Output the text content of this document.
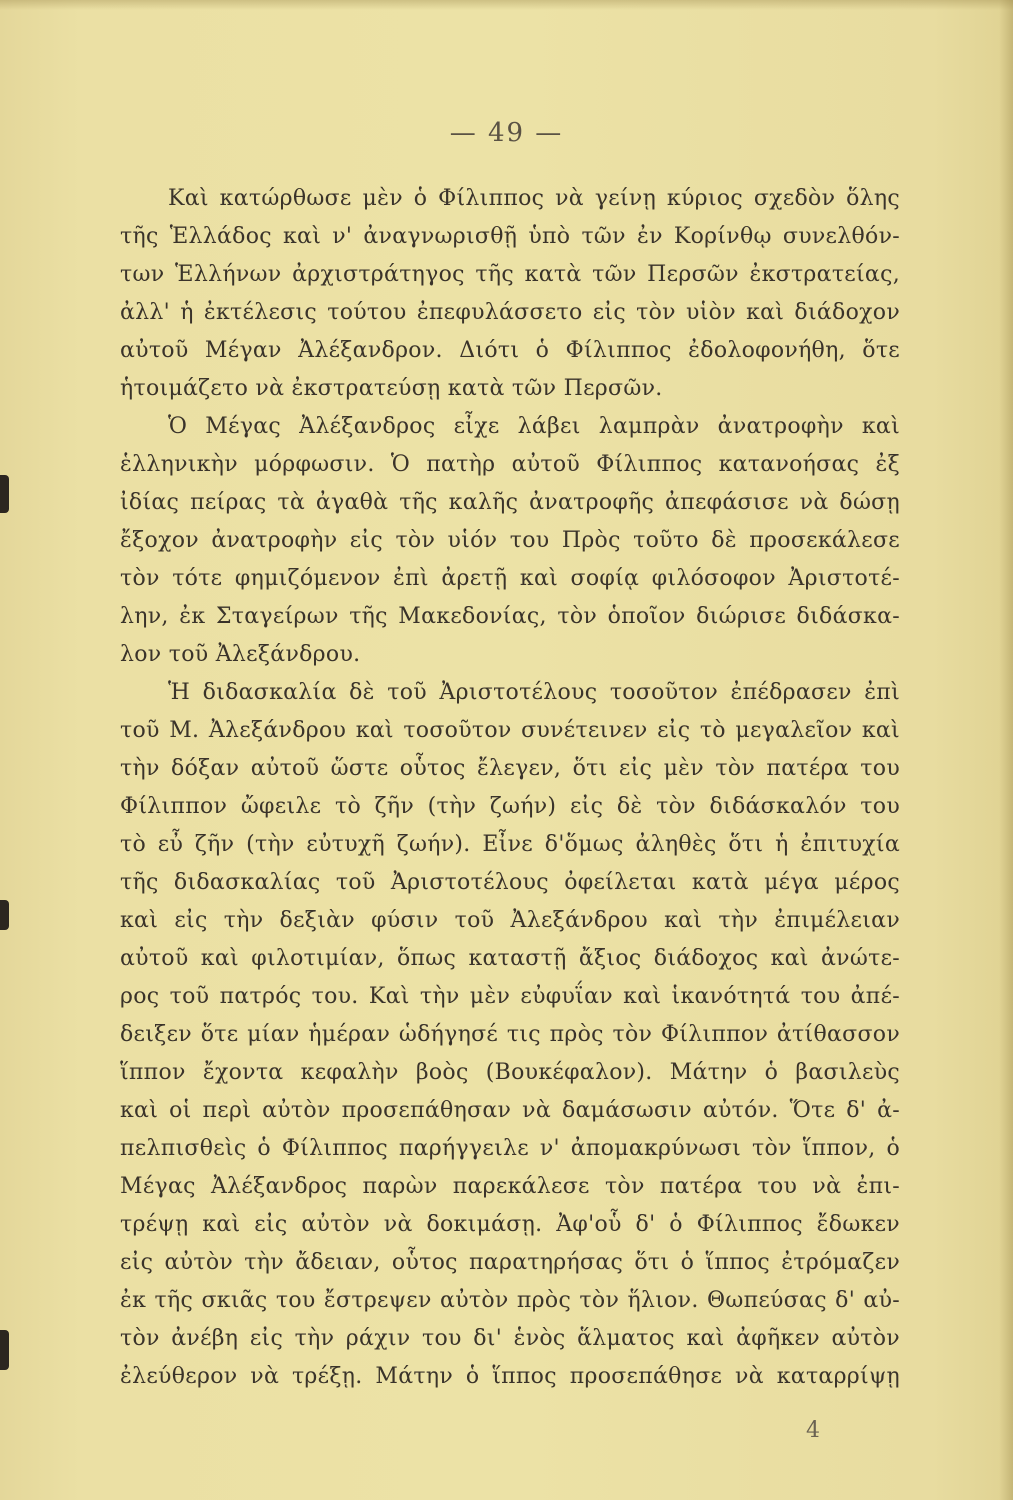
— 49 —
Καὶ κατώρθωσε μὲν ὁ Φίλιππος νὰ γείνῃ κύριος σχεδὸν ὅλης
τῆς Ἑλλάδος καὶ ν' ἀναγνωρισθῇ ὑπὸ τῶν ἐν Κορίνθῳ συνελθόν-
των Ἑλλήνων ἀρχιστράτηγος τῆς κατὰ τῶν Περσῶν ἐκστρατείας,
ἀλλ' ἡ ἐκτέλεσις τούτου ἐπεφυλάσσετο εἰς τὸν υἱὸν καὶ διάδοχον
αὐτοῦ Μέγαν Ἀλέξανδρον. Διότι ὁ Φίλιππος ἐδολοφονήθη, ὅτε
ἡτοιμάζετο νὰ ἐκστρατεύσῃ κατὰ τῶν Περσῶν.
Ὁ Μέγας Ἀλέξανδρος εἶχε λάβει λαμπρὰν ἀνατροφὴν καὶ
ἑλληνικὴν μόρφωσιν. Ὁ πατὴρ αὐτοῦ Φίλιππος κατανοήσας ἐξ
ἰδίας πείρας τὰ ἀγαθὰ τῆς καλῆς ἀνατροφῆς ἀπεφάσισε νὰ δώσῃ
ἔξοχον ἀνατροφὴν εἰς τὸν υἱόν του Πρὸς τοῦτο δὲ προσεκάλεσε
τὸν τότε φημιζόμενον ἐπὶ ἀρετῇ καὶ σοφίᾳ φιλόσοφον Ἀριστοτέ-
λην, ἐκ Σταγείρων τῆς Μακεδονίας, τὸν ὁποῖον διώρισε διδάσκα-
λον τοῦ Ἀλεξάνδρου.
Ἡ διδασκαλία δὲ τοῦ Ἀριστοτέλους τοσοῦτον ἐπέδρασεν ἐπὶ
τοῦ Μ. Ἀλεξάνδρου καὶ τοσοῦτον συνέτεινεν εἰς τὸ μεγαλεῖον καὶ
τὴν δόξαν αὐτοῦ ὥστε οὗτος ἔλεγεν, ὅτι εἰς μὲν τὸν πατέρα του
Φίλιππον ὤφειλε τὸ ζῆν (τὴν ζωήν) εἰς δὲ τὸν διδάσκαλόν του
τὸ εὖ ζῆν (τὴν εὐτυχῆ ζωήν). Εἶνε δ'ὅμως ἀληθὲς ὅτι ἡ ἐπιτυχία
τῆς διδασκαλίας τοῦ Ἀριστοτέλους ὀφείλεται κατὰ μέγα μέρος
καὶ εἰς τὴν δεξιὰν φύσιν τοῦ Ἀλεξάνδρου καὶ τὴν ἐπιμέλειαν
αὐτοῦ καὶ φιλοτιμίαν, ὅπως καταστῇ ἄξιος διάδοχος καὶ ἀνώτε-
ρος τοῦ πατρός του. Καὶ τὴν μὲν εὐφυΐαν καὶ ἱκανότητά του ἀπέ-
δειξεν ὅτε μίαν ἡμέραν ὡδήγησέ τις πρὸς τὸν Φίλιππον ἀτίθασσον
ἵππον ἔχοντα κεφαλὴν βοὸς (Βουκέφαλον). Μάτην ὁ βασιλεὺς
καὶ οἱ περὶ αὐτὸν προσεπάθησαν νὰ δαμάσωσιν αὐτόν. Ὅτε δ' ἀ-
πελπισθεὶς ὁ Φίλιππος παρήγγειλε ν' ἀπομακρύνωσι τὸν ἵππον, ὁ
Μέγας Ἀλέξανδρος παρὼν παρεκάλεσε τὸν πατέρα του νὰ ἐπι-
τρέψῃ καὶ εἰς αὐτὸν νὰ δοκιμάσῃ. Ἀφ'οὗ δ' ὁ Φίλιππος ἔδωκεν
εἰς αὐτὸν τὴν ἄδειαν, οὗτος παρατηρήσας ὅτι ὁ ἵππος ἐτρόμαζεν
ἐκ τῆς σκιᾶς του ἔστρεψεν αὐτὸν πρὸς τὸν ἥλιον. Θωπεύσας δ' αὐ-
τὸν ἀνέβη εἰς τὴν ράχιν του δι' ἑνὸς ἅλματος καὶ ἀφῆκεν αὐτὸν
ἐλεύθερον νὰ τρέξῃ. Μάτην ὁ ἵππος προσεπάθησε νὰ καταρρίψῃ
4
